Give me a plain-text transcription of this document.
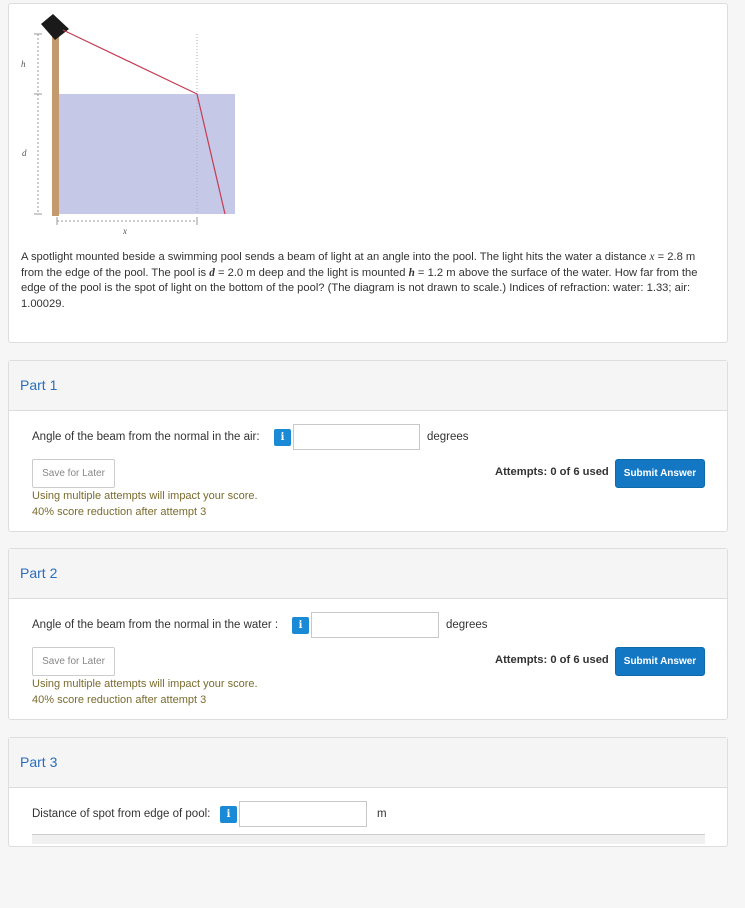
h
d
x

A spotlight mounted beside a swimming pool sends a beam of light at an angle into the pool. The light hits the water a distance x = 2.8 m from the edge of the pool. The pool is d = 2.0 m deep and the light is mounted h = 1.2 m above the surface of the water. How far from the edge of the pool is the spot of light on the bottom of the pool? (The diagram is not drawn to scale.) Indices of refraction: water: 1.33; air: 1.00029.

Part 1
Angle of the beam from the normal in the air:	i	degrees
Save for Later	Attempts: 0 of 6 used	Submit Answer
Using multiple attempts will impact your score.
40% score reduction after attempt 3
Part 2
Angle of the beam from the normal in the water :	i	degrees
Save for Later	Attempts: 0 of 6 used	Submit Answer
Using multiple attempts will impact your score.
40% score reduction after attempt 3
Part 3
Distance of spot from edge of pool:	i	m
